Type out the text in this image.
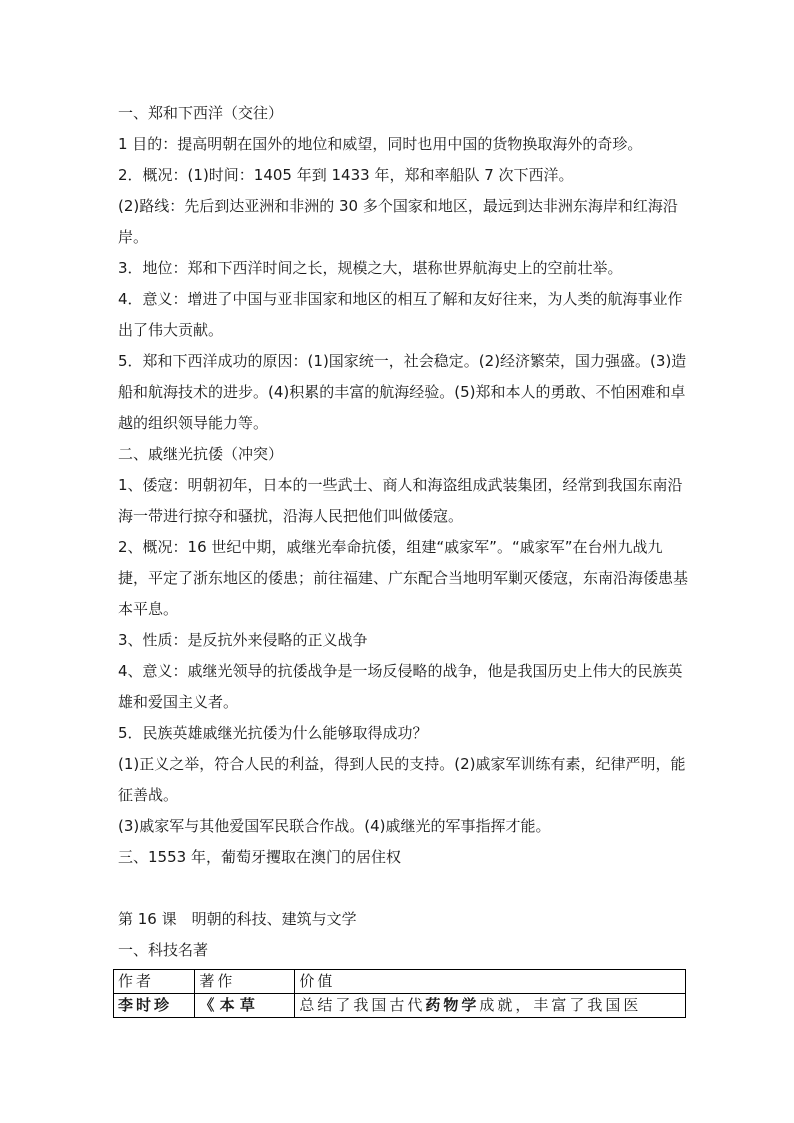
一、郑和下西洋（交往）

1 目的：提高明朝在国外的地位和威望，同时也用中国的货物换取海外的奇珍。

2．概况：(1)时间：1405 年到 1433 年，郑和率船队 7 次下西洋。

(2)路线：先后到达亚洲和非洲的 30 多个国家和地区，最远到达非洲东海岸和红海沿岸。

3．地位：郑和下西洋时间之长，规模之大，堪称世界航海史上的空前壮举。

4．意义：增进了中国与亚非国家和地区的相互了解和友好往来，为人类的航海事业作出了伟大贡献。

5．郑和下西洋成功的原因：(1)国家统一，社会稳定。(2)经济繁荣，国力强盛。(3)造船和航海技术的进步。(4)积累的丰富的航海经验。(5)郑和本人的勇敢、不怕困难和卓越的组织领导能力等。

二、戚继光抗倭（冲突）

1、倭寇：明朝初年，日本的一些武士、商人和海盗组成武装集团，经常到我国东南沿海一带进行掠夺和骚扰，沿海人民把他们叫做倭寇。

2、概况：16 世纪中期，戚继光奉命抗倭，组建“戚家军”。“戚家军”在台州九战九捷，平定了浙东地区的倭患；前往福建、广东配合当地明军剿灭倭寇，东南沿海倭患基本平息。

3、性质：是反抗外来侵略的正义战争

4、意义：戚继光领导的抗倭战争是一场反侵略的战争，他是我国历史上伟大的民族英雄和爱国主义者。

5．民族英雄戚继光抗倭为什么能够取得成功？

(1)正义之举，符合人民的利益，得到人民的支持。(2)戚家军训练有素，纪律严明，能征善战。

(3)戚家军与其他爱国军民联合作战。(4)戚继光的军事指挥才能。

三、1553 年，葡萄牙攫取在澳门的居住权

第 16 课　明朝的科技、建筑与文学

一、科技名著

作者	著作	价值
李时珍	《 本 草	总结了我国古代药物学成就，丰富了我国医
